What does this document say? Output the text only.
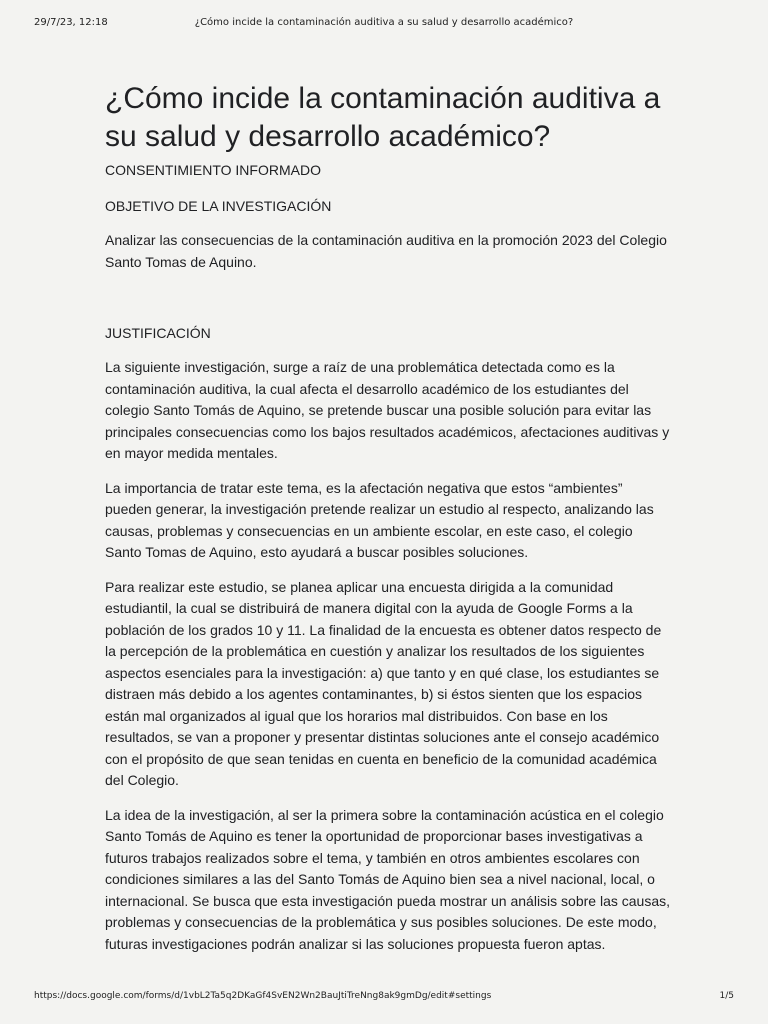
29/7/23, 12:18	¿Cómo incide la contaminación auditiva a su salud y desarrollo académico?
¿Cómo incide la contaminación auditiva a su salud y desarrollo académico?
CONSENTIMIENTO INFORMADO
OBJETIVO DE LA INVESTIGACIÓN

Analizar las consecuencias de la contaminación auditiva en la promoción 2023 del Colegio Santo Tomas de Aquino.

JUSTIFICACIÓN

La siguiente investigación, surge a raíz de una problemática detectada como es la contaminación auditiva, la cual afecta el desarrollo académico de los estudiantes del colegio Santo Tomás de Aquino, se pretende buscar una posible solución para evitar las principales consecuencias como los bajos resultados académicos, afectaciones auditivas y en mayor medida mentales.

La importancia de tratar este tema, es la afectación negativa que estos “ambientes” pueden generar, la investigación pretende realizar un estudio al respecto, analizando las causas, problemas y consecuencias en un ambiente escolar, en este caso, el colegio Santo Tomas de Aquino, esto ayudará a buscar posibles soluciones.

Para realizar este estudio, se planea aplicar una encuesta dirigida a la comunidad estudiantil, la cual se distribuirá de manera digital con la ayuda de Google Forms a la población de los grados 10 y 11. La finalidad de la encuesta es obtener datos respecto de la percepción de la problemática en cuestión y analizar los resultados de los siguientes aspectos esenciales para la investigación: a) que tanto y en qué clase, los estudiantes se distraen más debido a los agentes contaminantes, b) si éstos sienten que los espacios están mal organizados al igual que los horarios mal distribuidos. Con base en los resultados, se van a proponer y presentar distintas soluciones ante el consejo académico con el propósito de que sean tenidas en cuenta en beneficio de la comunidad académica del Colegio.

La idea de la investigación, al ser la primera sobre la contaminación acústica en el colegio Santo Tomás de Aquino es tener la oportunidad de proporcionar bases investigativas a futuros trabajos realizados sobre el tema, y también en otros ambientes escolares con condiciones similares a las del Santo Tomás de Aquino bien sea a nivel nacional, local, o internacional. Se busca que esta investigación pueda mostrar un análisis sobre las causas, problemas y consecuencias de la problemática y sus posibles soluciones. De este modo, futuras investigaciones podrán analizar si las soluciones propuesta fueron aptas.

https://docs.google.com/forms/d/1vbL2Ta5q2DKaGf4SvEN2Wn2BauJtiTreNng8ak9gmDg/edit#settings	1/5
